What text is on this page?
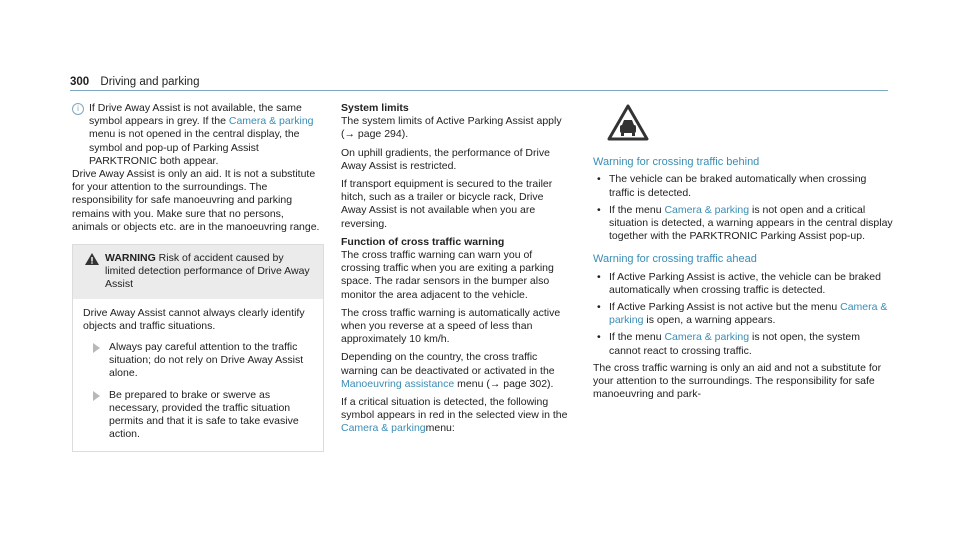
300 Driving and parking

i If Drive Away Assist is not available, the same symbol appears in grey. If the Camera & parking menu is not opened in the central display, the symbol and pop-up of Parking Assist PARKTRONIC both appear.

Drive Away Assist is only an aid. It is not a substitute for your attention to the surroundings. The responsibility for safe manoeuvring and parking remains with you. Make sure that no persons, animals or objects etc. are in the manoeuvring range.

WARNING Risk of accident caused by limited detection performance of Drive Away Assist

Drive Away Assist cannot always clearly identify objects and traffic situations.

Always pay careful attention to the traffic situation; do not rely on Drive Away Assist alone.
Be prepared to brake or swerve as necessary, provided the traffic situation permits and that it is safe to take evasive action.
System limits

The system limits of Active Parking Assist apply (→ page 294).

On uphill gradients, the performance of Drive Away Assist is restricted.

If transport equipment is secured to the trailer hitch, such as a trailer or bicycle rack, Drive Away Assist is not available when you are reversing.

Function of cross traffic warning

The cross traffic warning can warn you of crossing traffic when you are exiting a parking space. The radar sensors in the bumper also monitor the area adjacent to the vehicle.

The cross traffic warning is automatically active when you reverse at a speed of less than approximately 10 km/h.

Depending on the country, the cross traffic warning can be deactivated or activated in the Manoeuvring assistance menu (→ page 302).

If a critical situation is detected, the following symbol appears in red in the selected view in the Camera & parkingmenu:

Warning for crossing traffic behind
• The vehicle can be braked automatically when crossing traffic is detected.
• If the menu Camera & parking is not open and a critical situation is detected, a warning appears in the central display together with the PARKTRONIC Parking Assist pop-up.
Warning for crossing traffic ahead
• If Active Parking Assist is active, the vehicle can be braked automatically when crossing traffic is detected.
• If Active Parking Assist is not active but the menu Camera & parking is open, a warning appears.
• If the menu Camera & parking is not open, the system cannot react to crossing traffic.

The cross traffic warning is only an aid and not a substitute for your attention to the surroundings. The responsibility for safe manoeuvring and park-
